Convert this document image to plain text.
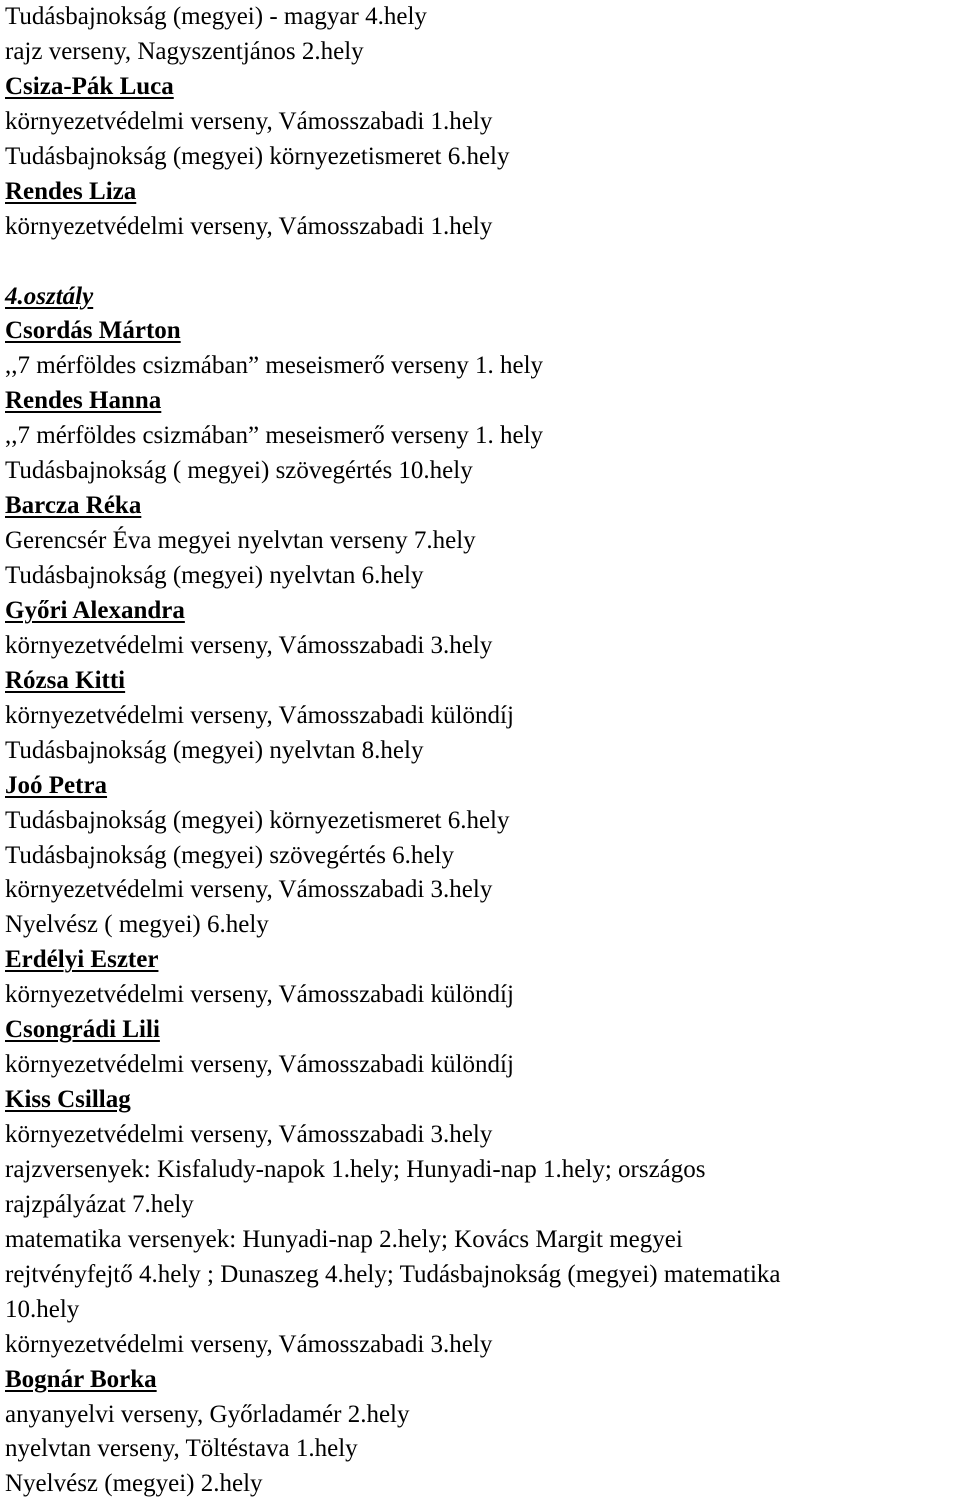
Tudásbajnokság (megyei) - magyar 4.hely
rajz verseny, Nagyszentjános 2.hely
Csiza-Pák Luca
környezetvédelmi verseny, Vámosszabadi 1.hely
Tudásbajnokság (megyei) környezetismeret 6.hely
Rendes Liza
környezetvédelmi verseny, Vámosszabadi 1.hely
4.osztály
Csordás Márton
,,7 mérföldes csizmában” meseismerő verseny 1. hely
Rendes Hanna
,,7 mérföldes csizmában” meseismerő verseny 1. hely
Tudásbajnokság ( megyei) szövegértés 10.hely
Barcza Réka
Gerencsér Éva megyei nyelvtan verseny 7.hely
Tudásbajnokság (megyei) nyelvtan 6.hely
Győri Alexandra
környezetvédelmi verseny, Vámosszabadi 3.hely
Rózsa Kitti
környezetvédelmi verseny, Vámosszabadi különdíj
Tudásbajnokság (megyei) nyelvtan 8.hely
Joó Petra
Tudásbajnokság (megyei) környezetismeret 6.hely
Tudásbajnokság (megyei) szövegértés 6.hely
környezetvédelmi verseny, Vámosszabadi 3.hely
Nyelvész ( megyei) 6.hely
Erdélyi Eszter
környezetvédelmi verseny, Vámosszabadi különdíj
Csongrádi Lili
környezetvédelmi verseny, Vámosszabadi különdíj
Kiss Csillag
környezetvédelmi verseny, Vámosszabadi 3.hely
rajzversenyek: Kisfaludy-napok 1.hely; Hunyadi-nap 1.hely; országos
rajzpályázat 7.hely
matematika versenyek: Hunyadi-nap 2.hely; Kovács Margit megyei
rejtvényfejtő 4.hely ; Dunaszeg 4.hely; Tudásbajnokság (megyei) matematika
10.hely
környezetvédelmi verseny, Vámosszabadi 3.hely
Bognár Borka
anyanyelvi verseny, Győrladamér 2.hely
nyelvtan verseny, Töltéstava 1.hely
Nyelvész (megyei) 2.hely
